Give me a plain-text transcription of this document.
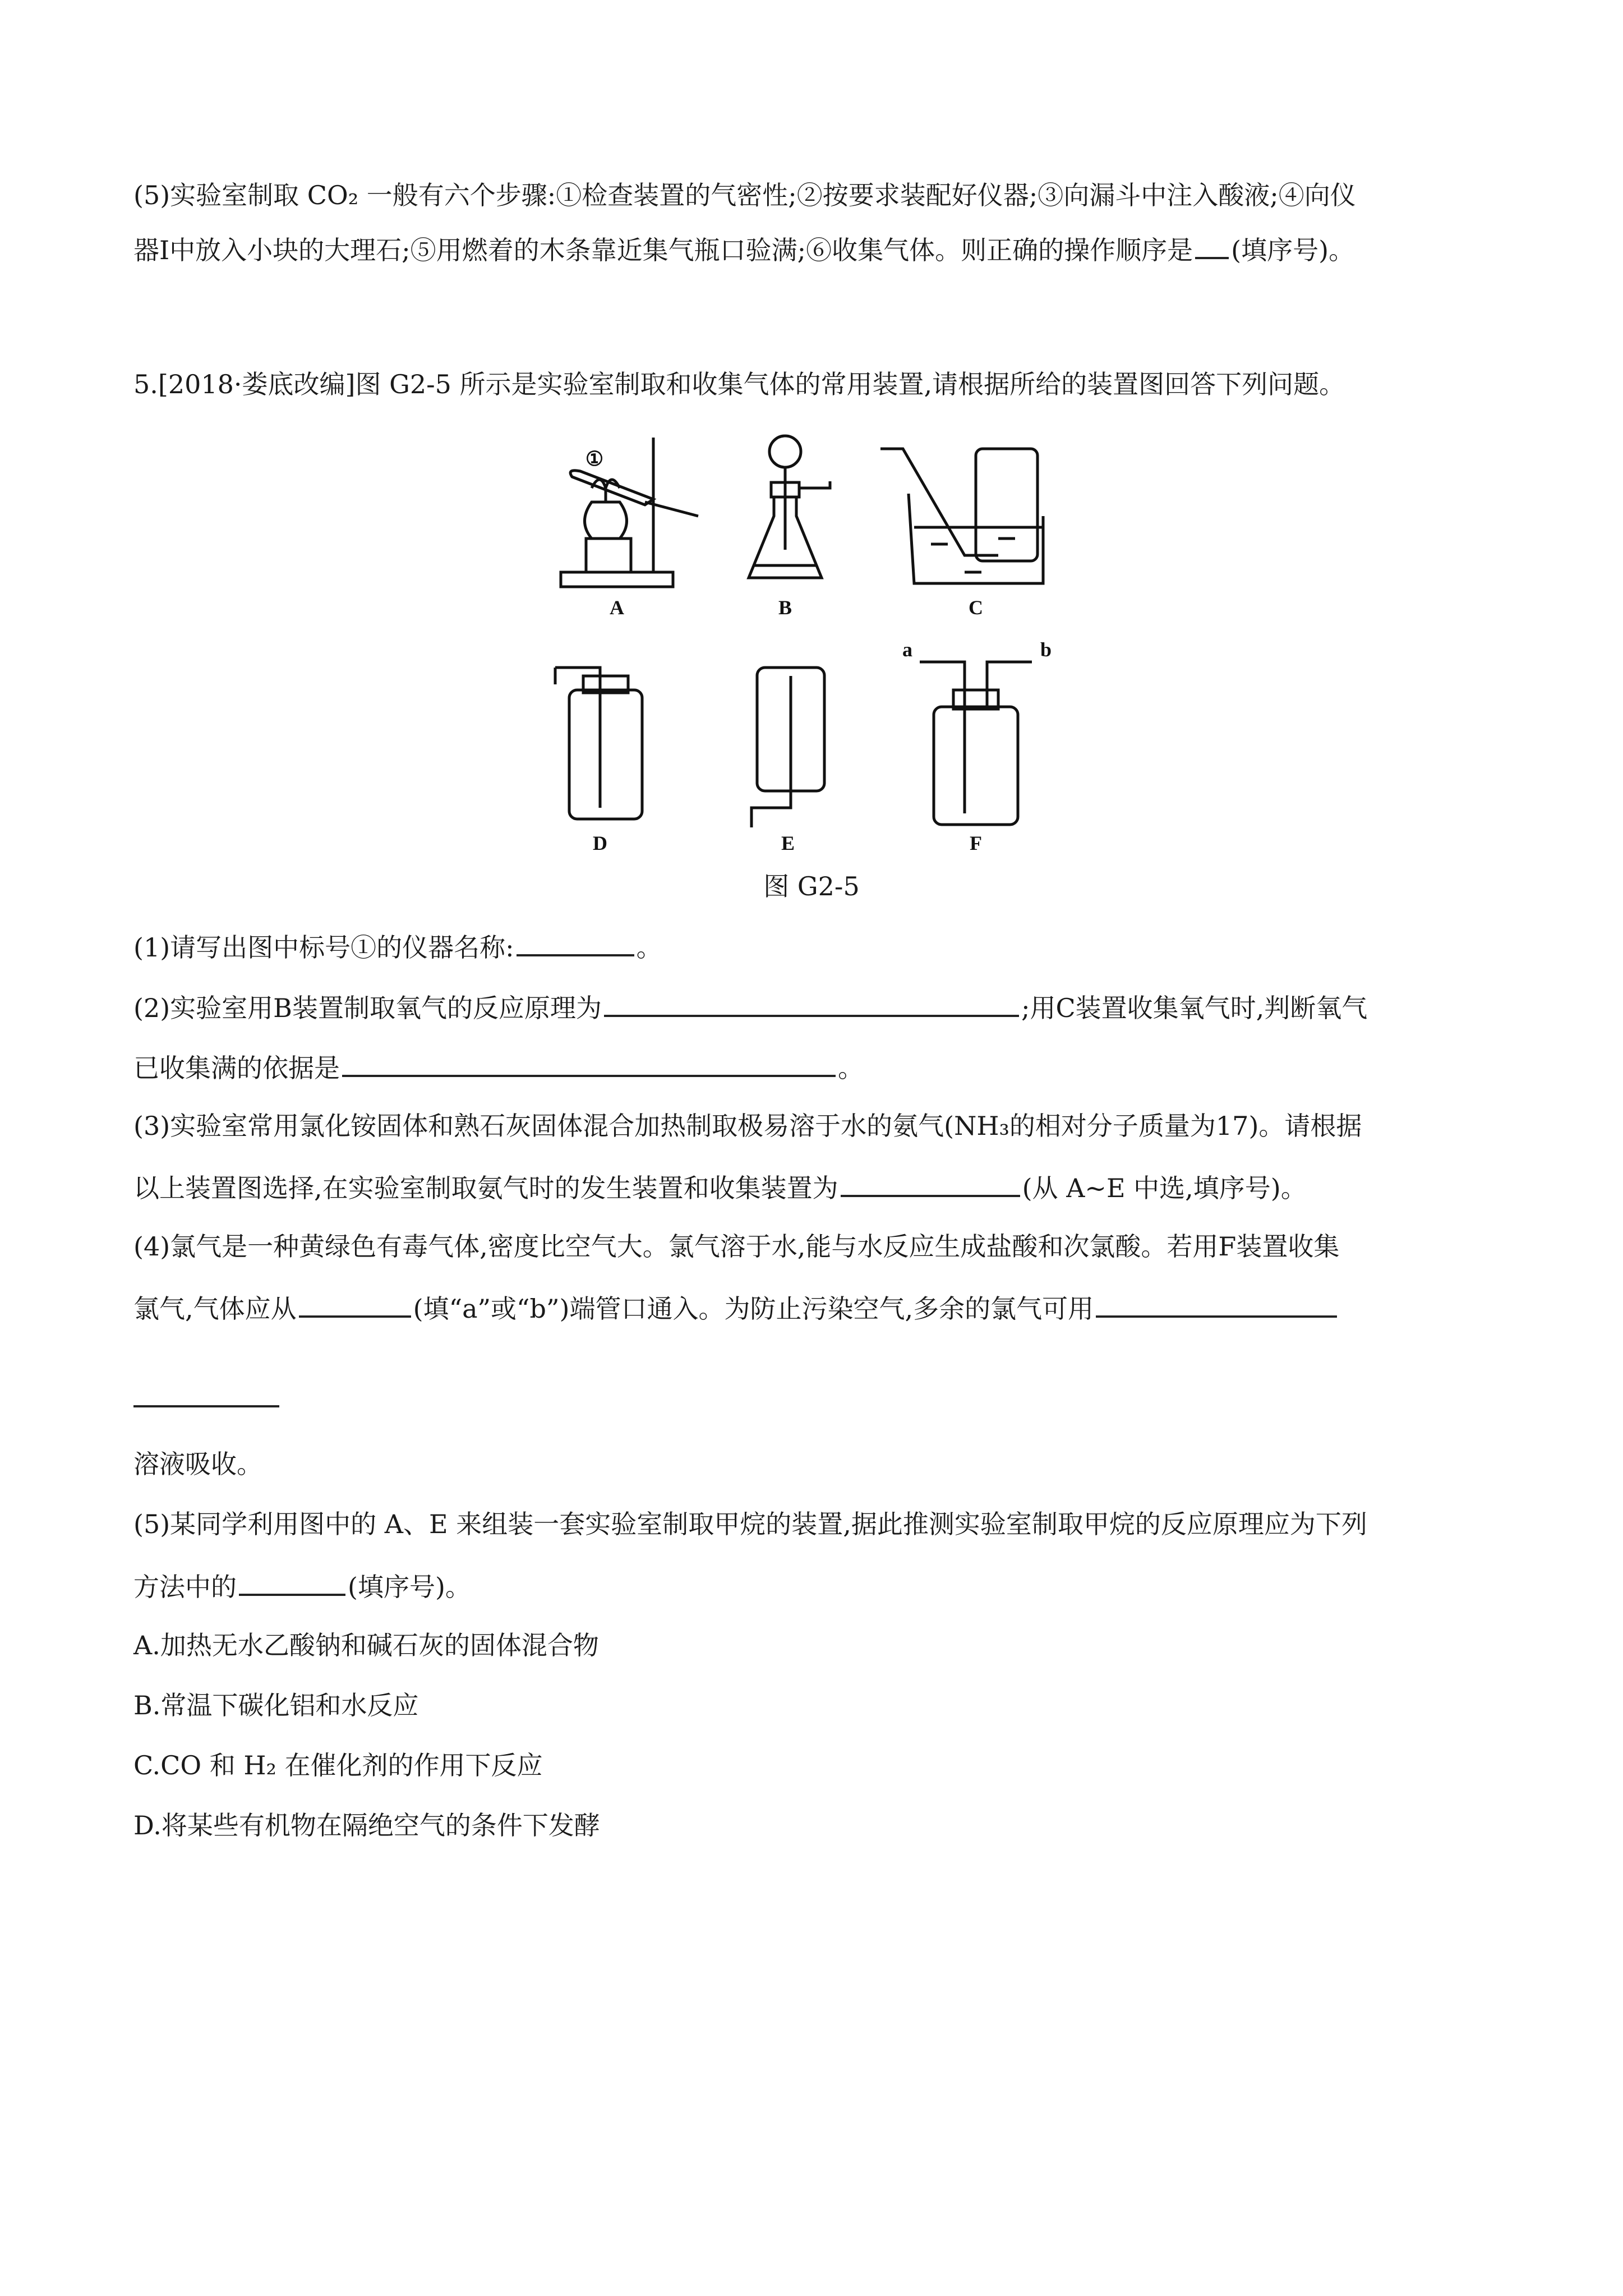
(5)实验室制取 CO₂ 一般有六个步骤:①检查装置的气密性;②按要求装配好仪器;③向漏斗中注入酸液;④向仪
器Ⅰ中放入小块的大理石;⑤用燃着的木条靠近集气瓶口验满;⑥收集气体。则正确的操作顺序是 (填序号)。
5.[2018·娄底改编]图 G2-5 所示是实验室制取和收集气体的常用装置,请根据所给的装置图回答下列问题。
①
A	B	C
D	E	F
a	b
图 G2-5
(1)请写出图中标号①的仪器名称:	。
(2)实验室用B装置制取氧气的反应原理为	;用C装置收集氧气时,判断氧气
已收集满的依据是	。
(3)实验室常用氯化铵固体和熟石灰固体混合加热制取极易溶于水的氨气(NH₃的相对分子质量为17)。请根据
以上装置图选择,在实验室制取氨气时的发生装置和收集装置为	(从 A~E 中选,填序号)。
(4)氯气是一种黄绿色有毒气体,密度比空气大。氯气溶于水,能与水反应生成盐酸和次氯酸。若用F装置收集
氯气,气体应从	(填“a”或“b”)端管口通入。为防止污染空气,多余的氯气可用
溶液吸收。
(5)某同学利用图中的 A、E 来组装一套实验室制取甲烷的装置,据此推测实验室制取甲烷的反应原理应为下列
方法中的	(填序号)。
A.加热无水乙酸钠和碱石灰的固体混合物
B.常温下碳化铝和水反应
C.CO 和 H₂ 在催化剂的作用下反应
D.将某些有机物在隔绝空气的条件下发酵
